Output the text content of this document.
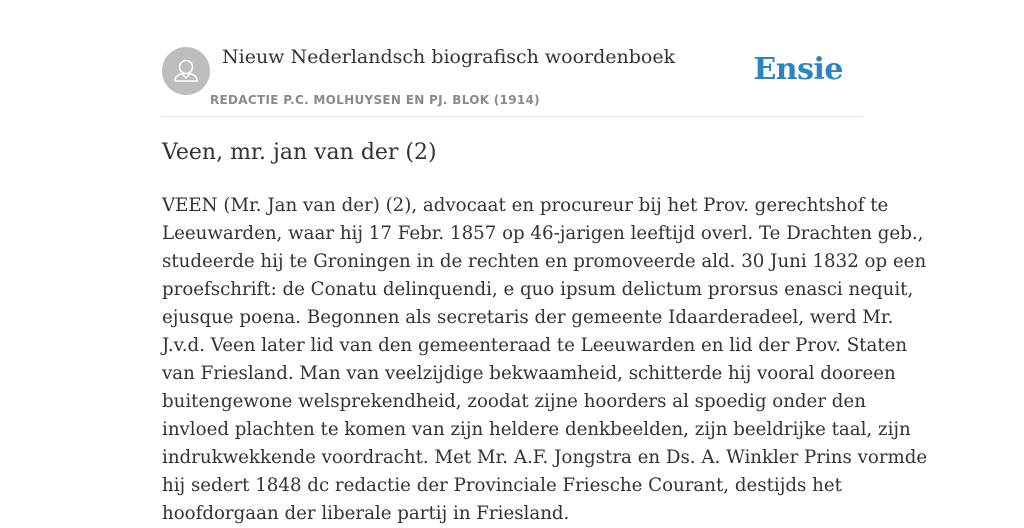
Nieuw Nederlandsch biografisch woordenboek
REDACTIE P.C. MOLHUYSEN EN PJ. BLOK (1914)
Ensie
Veen, mr. jan van der (2)
VEEN (Mr. Jan van der) (2), advocaat en procureur bij het Prov. gerechtshof te
Leeuwarden, waar hij 17 Febr. 1857 op 46-jarigen leeftijd overl. Te Drachten geb.,
studeerde hij te Groningen in de rechten en promoveerde ald. 30 Juni 1832 op een
proefschrift: de Conatu delinquendi, e quo ipsum delictum prorsus enasci nequit,
ejusque poena. Begonnen als secretaris der gemeente Idaarderadeel, werd Mr.
J.v.d. Veen later lid van den gemeenteraad te Leeuwarden en lid der Prov. Staten
van Friesland. Man van veelzijdige bekwaamheid, schitterde hij vooral dooreen
buitengewone welsprekendheid, zoodat zijne hoorders al spoedig onder den
invloed plachten te komen van zijn heldere denkbeelden, zijn beeldrijke taal, zijn
indrukwekkende voordracht. Met Mr. A.F. Jongstra en Ds. A. Winkler Prins vormde
hij sedert 1848 dc redactie der Provinciale Friesche Courant, destijds het
hoofdorgaan der liberale partij in Friesland.
